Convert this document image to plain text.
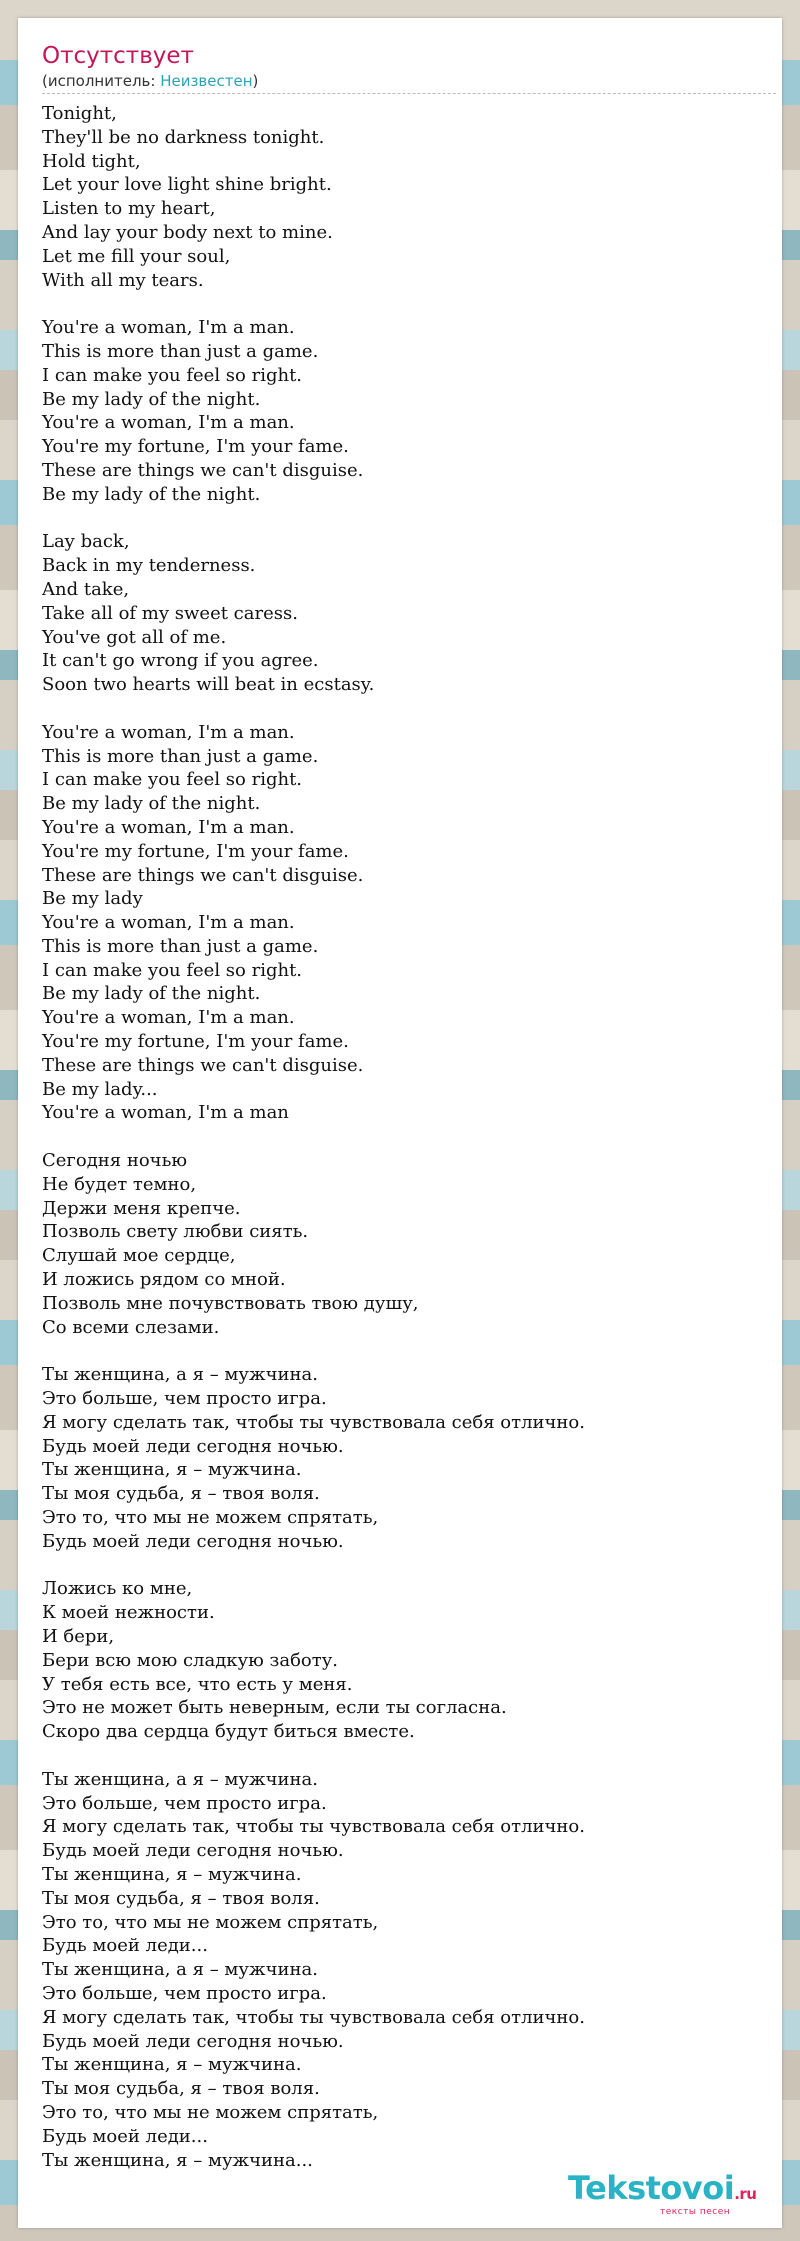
Отсутствует
(исполнитель: Неизвестен)
Tonight,
They'll be no darkness tonight.
Hold tight,
Let your love light shine bright.
Listen to my heart,
And lay your body next to mine.
Let me fill your soul,
With all my tears.

You're a woman, I'm a man.
This is more than just a game.
I can make you feel so right.
Be my lady of the night.
You're a woman, I'm a man.
You're my fortune, I'm your fame.
These are things we can't disguise.
Be my lady of the night.

Lay back,
Back in my tenderness.
And take,
Take all of my sweet caress.
You've got all of me.
It can't go wrong if you agree.
Soon two hearts will beat in ecstasy.

You're a woman, I'm a man.
This is more than just a game.
I can make you feel so right.
Be my lady of the night.
You're a woman, I'm a man.
You're my fortune, I'm your fame.
These are things we can't disguise.
Be my lady
You're a woman, I'm a man.
This is more than just a game.
I can make you feel so right.
Be my lady of the night.
You're a woman, I'm a man.
You're my fortune, I'm your fame.
These are things we can't disguise.
Be my lady...
You're a woman, I'm a man

Сегодня ночью
Не будет темно,
Держи меня крепче.
Позволь свету любви сиять.
Слушай мое сердце,
И ложись рядом со мной.
Позволь мне почувствовать твою душу,
Со всеми слезами.

Ты женщина, а я – мужчина.
Это больше, чем просто игра.
Я могу сделать так, чтобы ты чувствовала себя отлично.
Будь моей леди сегодня ночью.
Ты женщина, я – мужчина.
Ты моя судьба, я – твоя воля.
Это то, что мы не можем спрятать,
Будь моей леди сегодня ночью.

Ложись ко мне,
К моей нежности.
И бери,
Бери всю мою сладкую заботу.
У тебя есть все, что есть у меня.
Это не может быть неверным, если ты согласна.
Скоро два сердца будут биться вместе.

Ты женщина, а я – мужчина.
Это больше, чем просто игра.
Я могу сделать так, чтобы ты чувствовала себя отлично.
Будь моей леди сегодня ночью.
Ты женщина, я – мужчина.
Ты моя судьба, я – твоя воля.
Это то, что мы не можем спрятать,
Будь моей леди...
Ты женщина, а я – мужчина.
Это больше, чем просто игра.
Я могу сделать так, чтобы ты чувствовала себя отлично.
Будь моей леди сегодня ночью.
Ты женщина, я – мужчина.
Ты моя судьба, я – твоя воля.
Это то, что мы не можем спрятать,
Будь моей леди...
Ты женщина, я – мужчина...
Tekstovoi.ru
тексты песен
